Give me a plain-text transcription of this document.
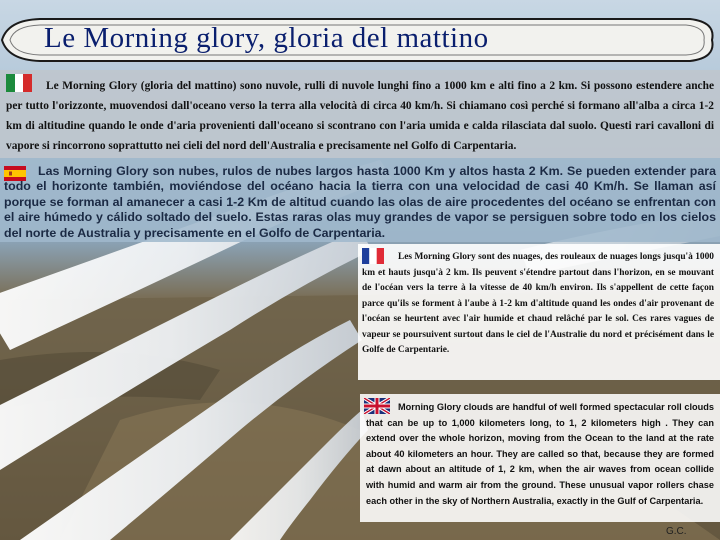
Le Morning glory, gloria del mattino
Le Morning Glory (gloria del mattino) sono nuvole, rulli di nuvole lunghi fino a 1000 km e alti fino a 2 km. Si possono estendere anche per tutto l'orizzonte, muovendosi dall'oceano verso la terra alla velocità di circa 40 km/h. Si chiamano così perché si formano all'alba a circa 1-2 km di altitudine quando le onde d'aria provenienti dall'oceano si scontrano con l'aria umida e calda rilasciata dal suolo. Questi rari cavalloni di vapore si rincorrono soprattutto nei cieli del nord dell'Australia e precisamente nel Golfo di Carpentaria.
Las Morning Glory son nubes, rulos de nubes largos hasta 1000 Km y altos hasta 2 Km. Se pueden extender para todo el horizonte también, moviéndose del océano hacia la tierra con una velocidad de casi 40 Km/h. Se llaman así porque se forman al amanecer a casi 1-2 Km de altitud cuando las olas de aire procedentes del océano se enfrentan con el aire húmedo y cálido soltado del suelo. Estas raras olas muy grandes de vapor se persiguen sobre todo en los cielos del norte de Australia y precisamente en el Golfo de Carpentaria.
Les Morning Glory sont des nuages, des rouleaux de nuages longs jusqu'à 1000 km et hauts jusqu'à 2 km. Ils peuvent s'étendre partout dans l'horizon, en se mouvant de l'océan vers la terre à la vitesse de 40 km/h environ. Ils s'appellent de cette façon parce qu'ils se forment à l'aube à 1-2 km d'altitude quand les ondes d'air provenant de l'océan se heurtent avec l'air humide et chaud relâché par le sol. Ces rares vagues de vapeur se poursuivent surtout dans le ciel de l'Australie du nord et précisément dans le Golfe de Carpentarie.
Morning Glory clouds are handful of well formed spectacular roll clouds that can be up to 1,000 kilometers long, to 1, 2 kilometers high . They can extend over the whole horizon, moving from the Ocean to the land at the rate about 40 kilometers an hour. They are called so that, because they are formed at dawn about an altitude of 1, 2 km, when the air waves from ocean collide with humid and warm air from the ground. These unusual vapor rollers chase each other in the sky of Northern Australia, exactly in the Gulf of Carpentaria.
G.C.
